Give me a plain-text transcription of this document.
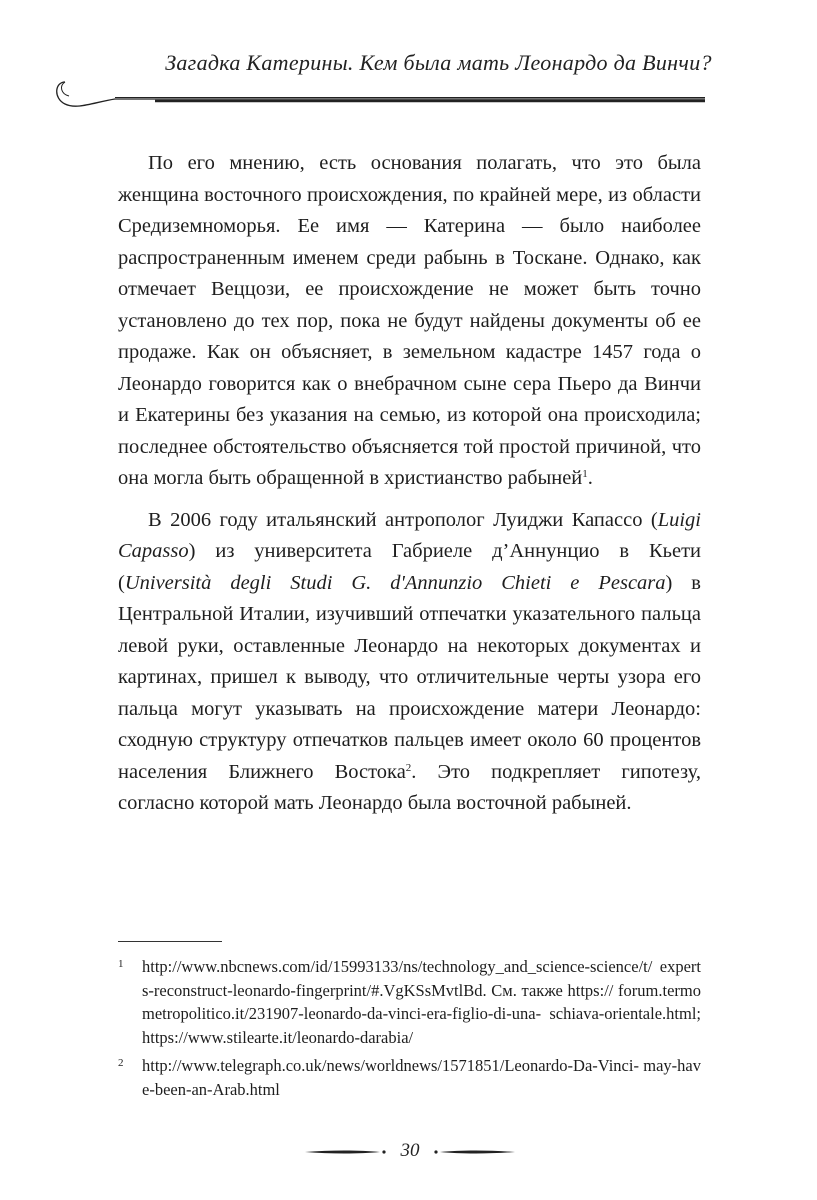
Загадка Катерины. Кем была мать Леонардо да Винчи?

По его мнению, есть основания полагать, что это была женщина восточного происхождения, по крайней мере, из области Средиземноморья. Ее имя — Катерина — было наиболее распространенным именем среди рабынь в Тоскане. Однако, как отмечает Веццози, ее происхождение не может быть точно установлено до тех пор, пока не будут найдены документы об ее продаже. Как он объясняет, в земельном кадастре 1457 года о Леонардо говорится как о внебрачном сыне сера Пьеро да Винчи и Екатерины без указания на семью, из которой она происходила; последнее обстоятельство объясняется той простой причиной, что она могла быть обращенной в христианство рабыней$^1$.

В 2006 году итальянский антрополог Луиджи Капассо (Luigi Capasso) из университета Габриеле д’Аннунцио в Кьети (Università degli Studi G. d'Annunzio Chieti e Pescara) в Центральной Италии, изучивший отпечатки указательного пальца левой руки, оставленные Леонардо на некоторых документах и картинах, пришел к выводу, что отличительные черты узора его пальца могут указывать на происхождение матери Леонардо: сходную структуру отпечатков пальцев имеет около 60 процентов населения Ближнего Востока$^2$. Это подкрепляет гипотезу, согласно которой мать Леонардо была восточной рабыней.

1 http://www.nbcnews.com/id/15993133/ns/technology_and_science-science/t/ experts-reconstruct-leonardo-fingerprint/#.VgKSsMvtlBd. См. также https:// forum.termometropolitico.it/231907-leonardo-da-vinci-era-figlio-di-una- schiava-orientale.html; https://www.stilearte.it/leonardo-darabia/
2 http://www.telegraph.co.uk/news/worldnews/1571851/Leonardo-Da-Vinci- may-have-been-an-Arab.html
30
